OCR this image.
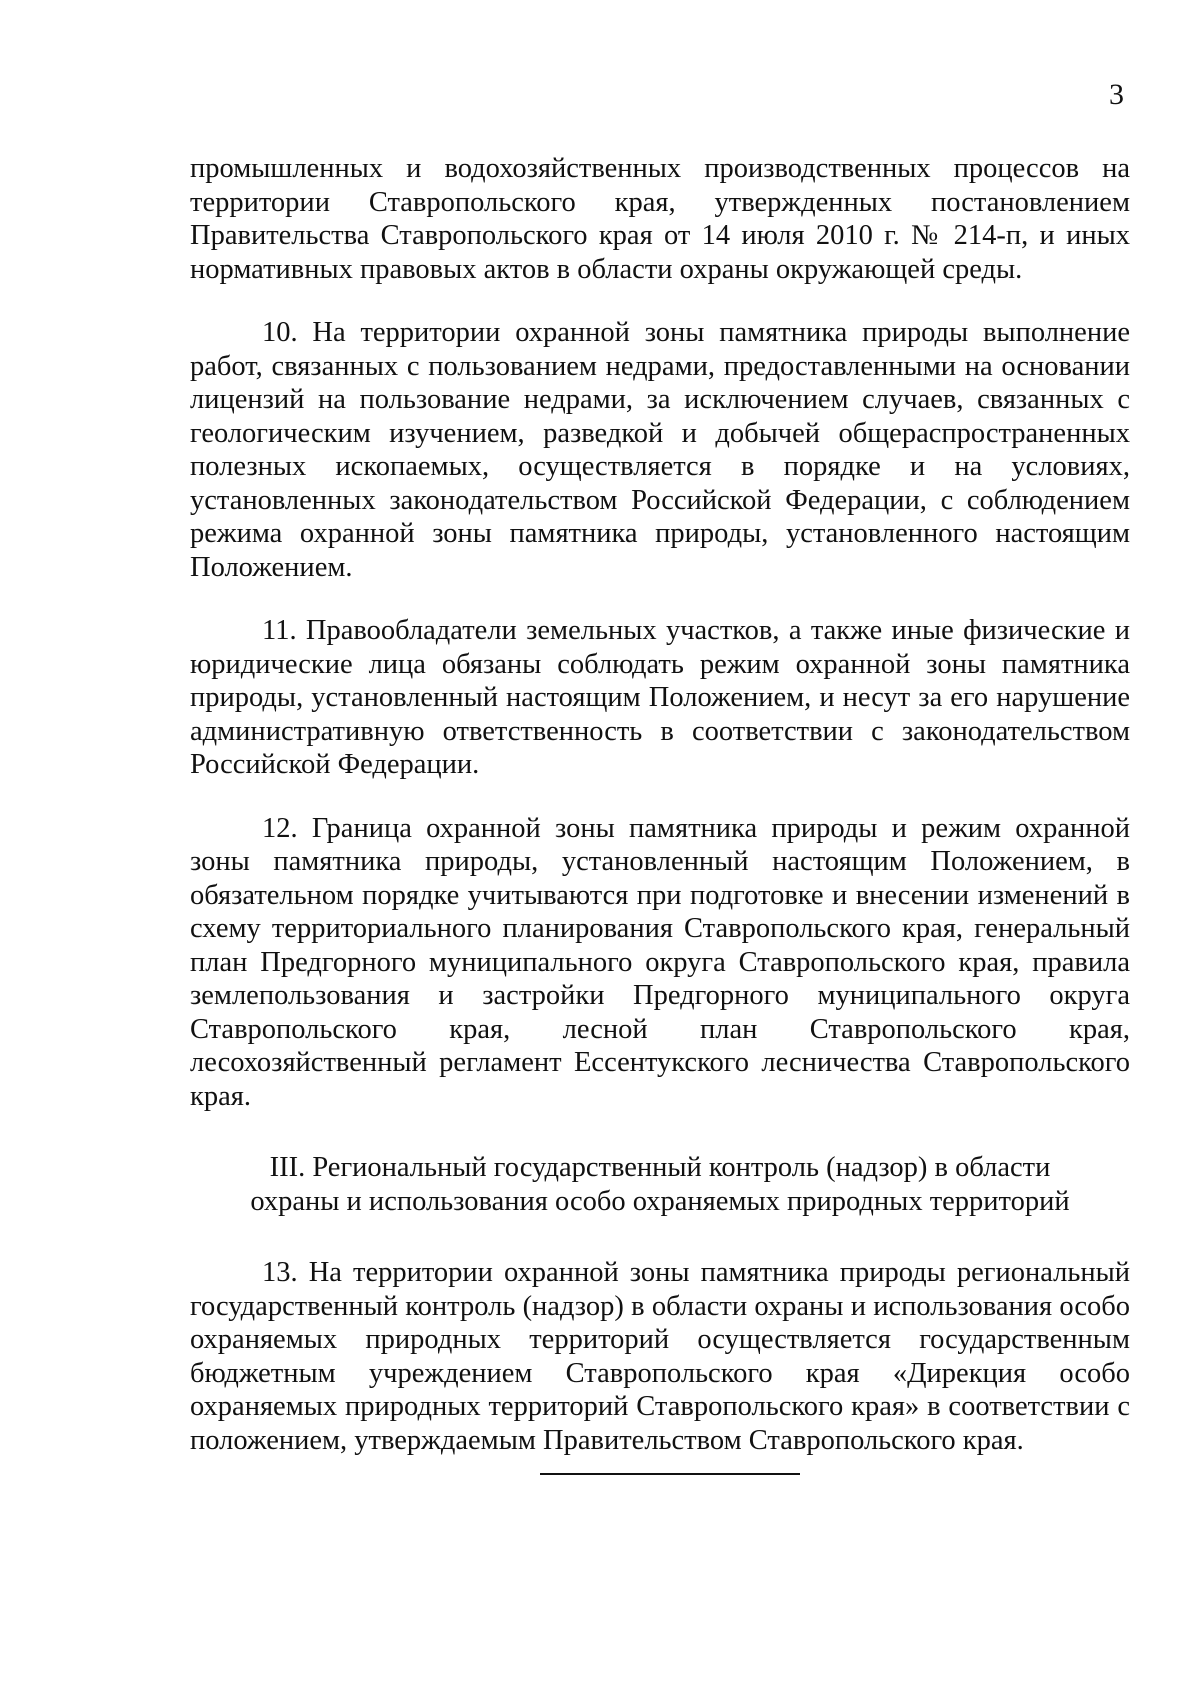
3

промышленных и водохозяйственных производственных процессов на территории Ставропольского края, утвержденных постановлением Правительства Ставропольского края от 14 июля 2010 г. № 214-п, и иных нормативных правовых актов в области охраны окружающей среды.

10. На территории охранной зоны памятника природы выполнение работ, связанных с пользованием недрами, предоставленными на основании лицензий на пользование недрами, за исключением случаев, связанных с геологическим изучением, разведкой и добычей общераспространенных полезных ископаемых, осуществляется в порядке и на условиях, установленных законодательством Российской Федерации, с соблюдением режима охранной зоны памятника природы, установленного настоящим Положением.

11. Правообладатели земельных участков, а также иные физические и юридические лица обязаны соблюдать режим охранной зоны памятника природы, установленный настоящим Положением, и несут за его нарушение административную ответственность в соответствии с законодательством Российской Федерации.

12. Граница охранной зоны памятника природы и режим охранной зоны памятника природы, установленный настоящим Положением, в обязательном порядке учитываются при подготовке и внесении изменений в схему территориального планирования Ставропольского края, генеральный план Предгорного муниципального округа Ставропольского края, правила землепользования и застройки Предгорного муниципального округа Ставропольского края, лесной план Ставропольского края, лесохозяйственный регламент Ессентукского лесничества Ставропольского края.

III. Региональный государственный контроль (надзор) в области
охраны и использования особо охраняемых природных территорий

13. На территории охранной зоны памятника природы региональный государственный контроль (надзор) в области охраны и использования особо охраняемых природных территорий осуществляется государственным бюджетным учреждением Ставропольского края «Дирекция особо охраняемых природных территорий Ставропольского края» в соответствии с положением, утверждаемым Правительством Ставропольского края.
